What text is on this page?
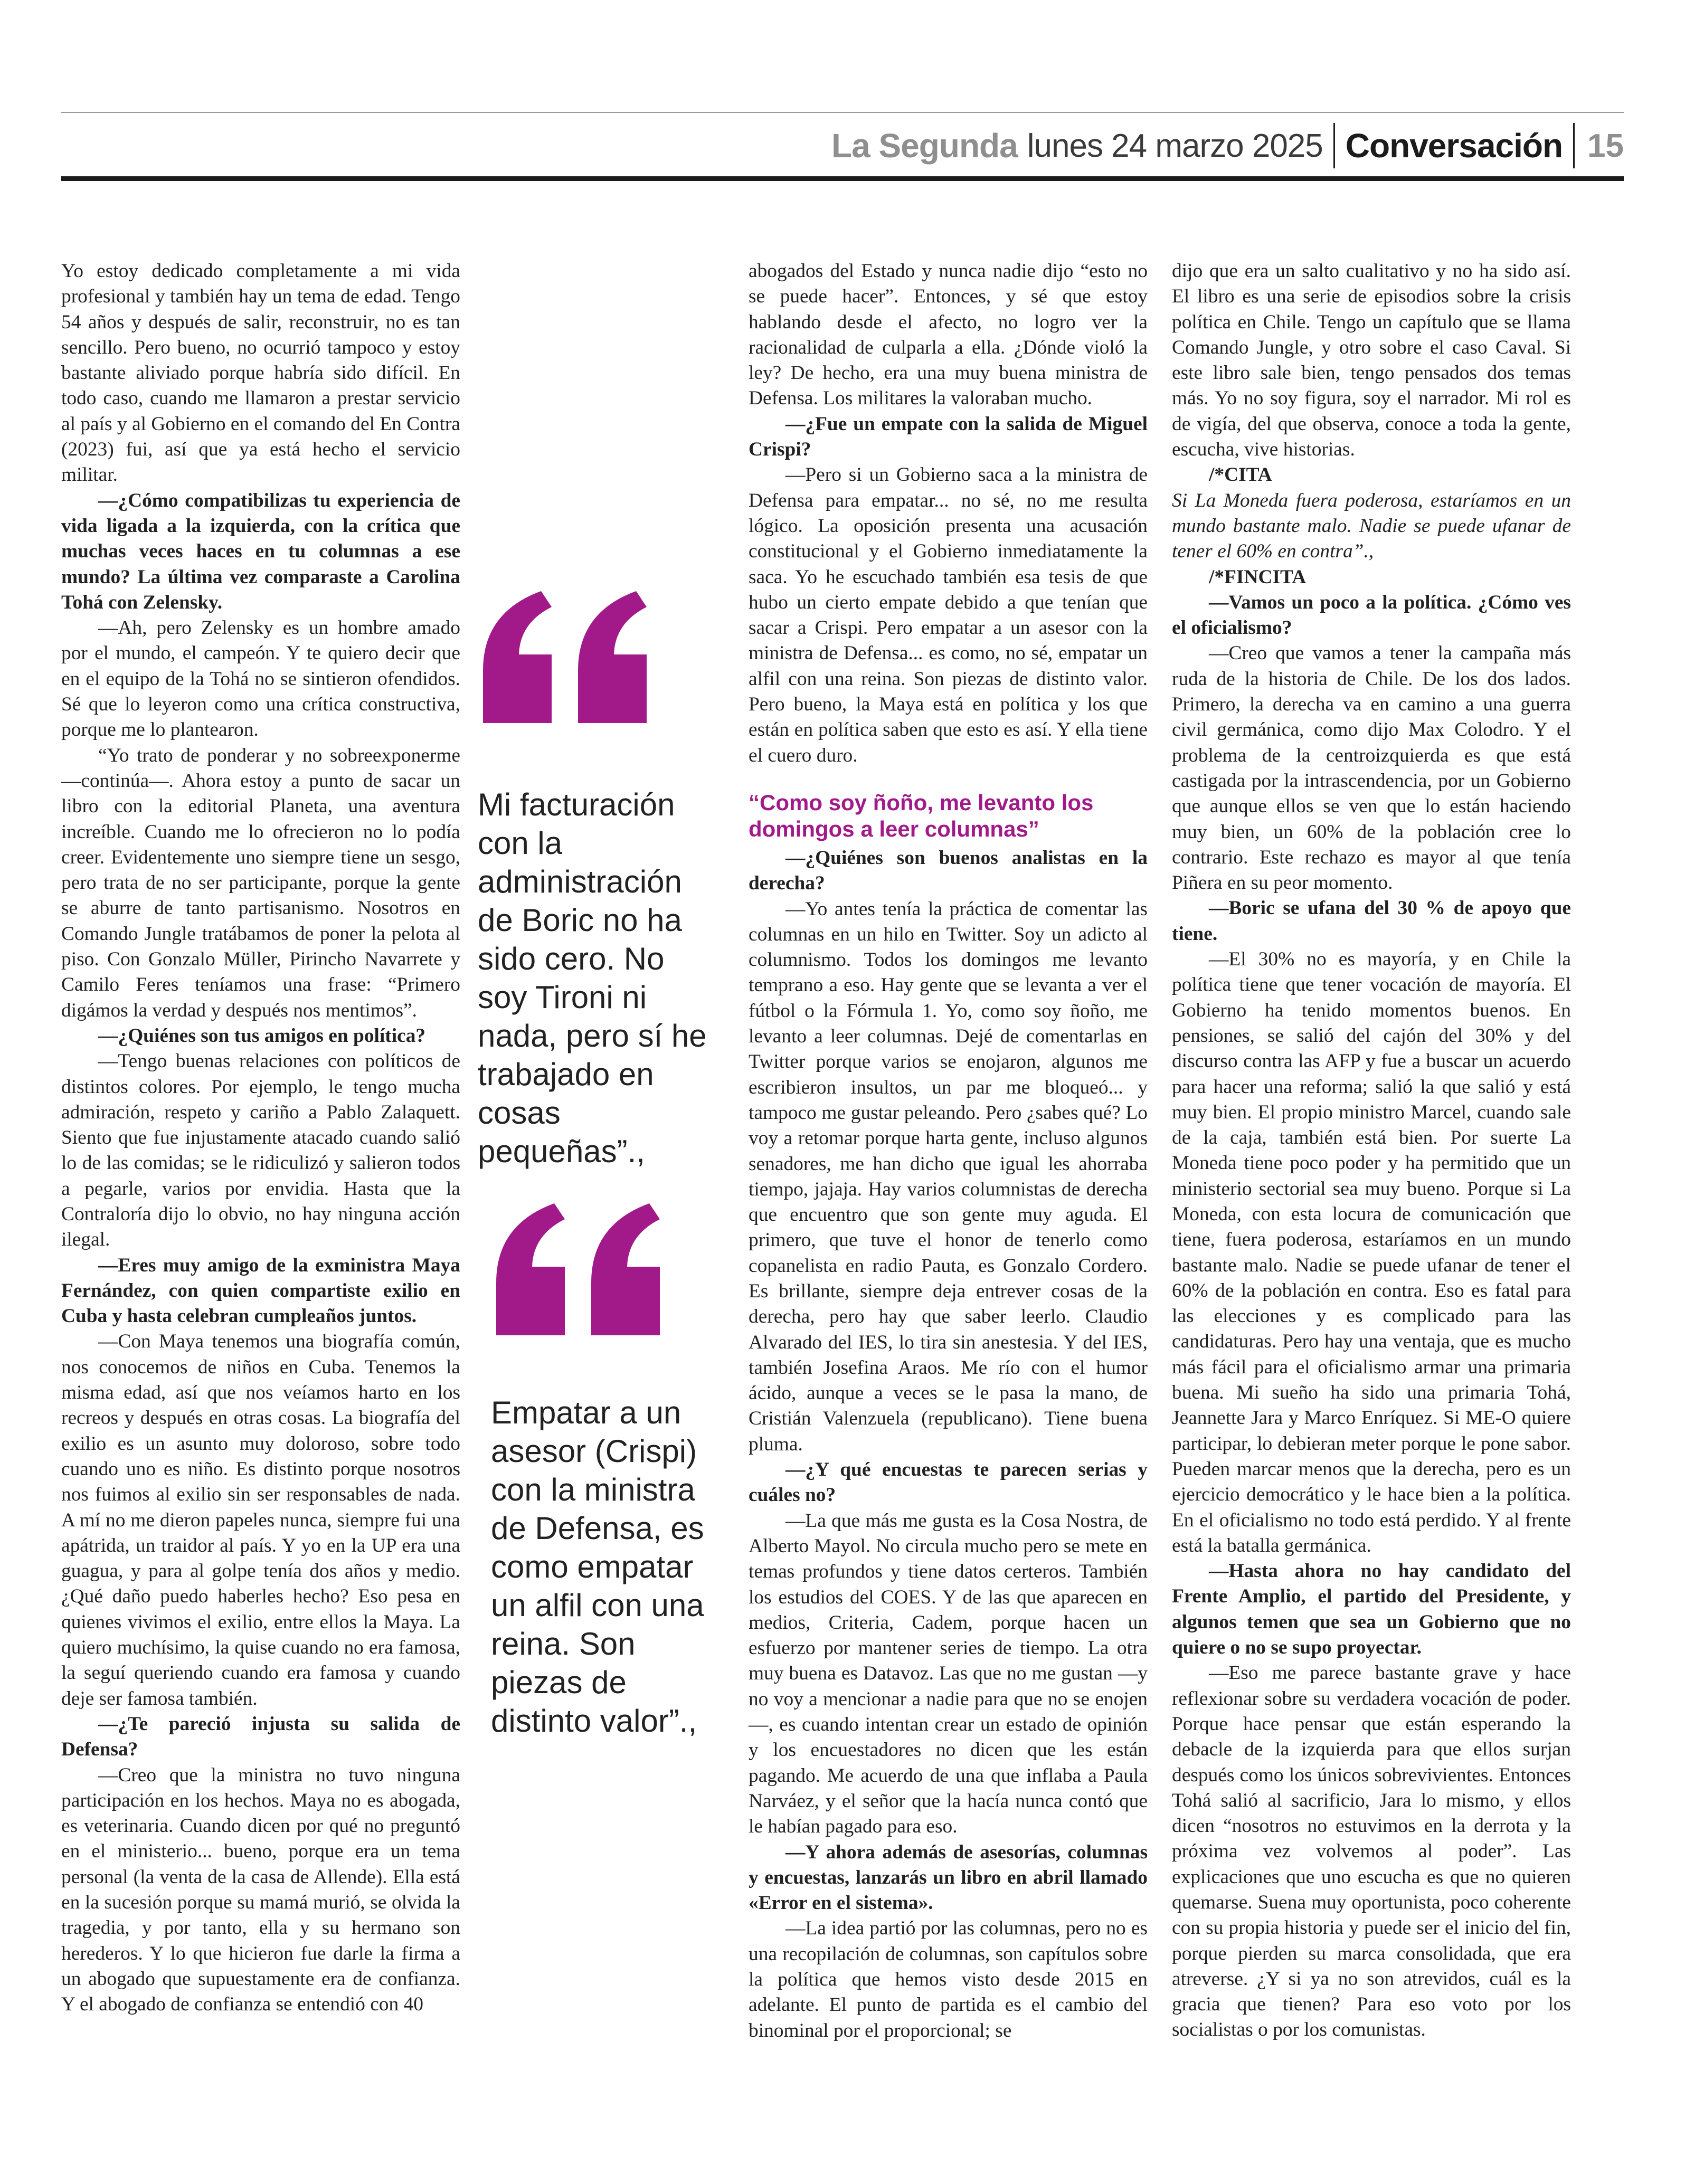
La Segunda lunes 24 marzo 2025 Conversación 15

Yo estoy dedicado completamente a mi vida profesional y también hay un tema de edad. Tengo 54 años y después de salir, reconstruir, no es tan sencillo. Pero bueno, no ocurrió tampoco y estoy bastante aliviado porque habría sido difícil. En todo caso, cuando me llamaron a prestar servicio al país y al Gobierno en el comando del En Contra (2023) fui, así que ya está hecho el servicio militar.

—¿Cómo compatibilizas tu experiencia de vida ligada a la izquierda, con la crítica que muchas veces haces en tu columnas a ese mundo? La última vez comparaste a Carolina Tohá con Zelensky.

—Ah, pero Zelensky es un hombre amado por el mundo, el campeón. Y te quiero decir que en el equipo de la Tohá no se sintieron ofendidos. Sé que lo leyeron como una crítica constructiva, porque me lo plantearon.

“Yo trato de ponderar y no sobreexponerme —continúa—. Ahora estoy a punto de sacar un libro con la editorial Planeta, una aventura increíble. Cuando me lo ofrecieron no lo podía creer. Evidentemente uno siempre tiene un sesgo, pero trata de no ser participante, porque la gente se aburre de tanto partisanismo. Nosotros en Comando Jungle tratábamos de poner la pelota al piso. Con Gonzalo Müller, Pirincho Navarrete y Camilo Feres teníamos una frase: “Primero digámos la verdad y después nos mentimos”.

—¿Quiénes son tus amigos en política?

—Tengo buenas relaciones con políticos de distintos colores. Por ejemplo, le tengo mucha admiración, respeto y cariño a Pablo Zalaquett. Siento que fue injustamente atacado cuando salió lo de las comidas; se le ridiculizó y salieron todos a pegarle, varios por envidia. Hasta que la Contraloría dijo lo obvio, no hay ninguna acción ilegal.

—Eres muy amigo de la exministra Maya Fernández, con quien compartiste exilio en Cuba y hasta celebran cumpleaños juntos.

—Con Maya tenemos una biografía común, nos conocemos de niños en Cuba. Tenemos la misma edad, así que nos veíamos harto en los recreos y después en otras cosas. La biografía del exilio es un asunto muy doloroso, sobre todo cuando uno es niño. Es distinto porque nosotros nos fuimos al exilio sin ser responsables de nada. A mí no me dieron papeles nunca, siempre fui una apátrida, un traidor al país. Y yo en la UP era una guagua, y para al golpe tenía dos años y medio. ¿Qué daño puedo haberles hecho? Eso pesa en quienes vivimos el exilio, entre ellos la Maya. La quiero muchísimo, la quise cuando no era famosa, la seguí queriendo cuando era famosa y cuando deje ser famosa también.

—¿Te pareció injusta su salida de Defensa?

—Creo que la ministra no tuvo ninguna participación en los hechos. Maya no es abogada, es veterinaria. Cuando dicen por qué no preguntó en el ministerio... bueno, porque era un tema personal (la venta de la casa de Allende). Ella está en la sucesión porque su mamá murió, se olvida la tragedia, y por tanto, ella y su hermano son herederos. Y lo que hicieron fue darle la firma a un abogado que supuestamente era de confianza. Y el abogado de confianza se entendió con 40

Mi facturación con la administración de Boric no ha sido cero. No soy Tironi ni nada, pero sí he trabajado en cosas pequeñas”.,
Empatar a un asesor (Crispi) con la ministra de Defensa, es como empatar un alfil con una reina. Son piezas de distinto valor”.,

abogados del Estado y nunca nadie dijo “esto no se puede hacer”. Entonces, y sé que estoy hablando desde el afecto, no logro ver la racionalidad de culparla a ella. ¿Dónde violó la ley? De hecho, era una muy buena ministra de Defensa. Los militares la valoraban mucho.

—¿Fue un empate con la salida de Miguel Crispi?

—Pero si un Gobierno saca a la ministra de Defensa para empatar... no sé, no me resulta lógico. La oposición presenta una acusación constitucional y el Gobierno inmediatamente la saca. Yo he escuchado también esa tesis de que hubo un cierto empate debido a que tenían que sacar a Crispi. Pero empatar a un asesor con la ministra de Defensa... es como, no sé, empatar un alfil con una reina. Son piezas de distinto valor. Pero bueno, la Maya está en política y los que están en política saben que esto es así. Y ella tiene el cuero duro.

“Como soy ñoño, me levanto los domingos a leer columnas”

—¿Quiénes son buenos analistas en la derecha?

—Yo antes tenía la práctica de comentar las columnas en un hilo en Twitter. Soy un adicto al columnismo. Todos los domingos me levanto temprano a eso. Hay gente que se levanta a ver el fútbol o la Fórmula 1. Yo, como soy ñoño, me levanto a leer columnas. Dejé de comentarlas en Twitter porque varios se enojaron, algunos me escribieron insultos, un par me bloqueó... y tampoco me gustar peleando. Pero ¿sabes qué? Lo voy a retomar porque harta gente, incluso algunos senadores, me han dicho que igual les ahorraba tiempo, jajaja. Hay varios columnistas de derecha que encuentro que son gente muy aguda. El primero, que tuve el honor de tenerlo como copanelista en radio Pauta, es Gonzalo Cordero. Es brillante, siempre deja entrever cosas de la derecha, pero hay que saber leerlo. Claudio Alvarado del IES, lo tira sin anestesia. Y del IES, también Josefina Araos. Me río con el humor ácido, aunque a veces se le pasa la mano, de Cristián Valenzuela (republicano). Tiene buena pluma.

—¿Y qué encuestas te parecen serias y cuáles no?

—La que más me gusta es la Cosa Nostra, de Alberto Mayol. No circula mucho pero se mete en temas profundos y tiene datos certeros. También los estudios del COES. Y de las que aparecen en medios, Criteria, Cadem, porque hacen un esfuerzo por mantener series de tiempo. La otra muy buena es Datavoz. Las que no me gustan —y no voy a mencionar a nadie para que no se enojen—, es cuando intentan crear un estado de opinión y los encuestadores no dicen que les están pagando. Me acuerdo de una que inflaba a Paula Narváez, y el señor que la hacía nunca contó que le habían pagado para eso.

—Y ahora además de asesorías, columnas y encuestas, lanzarás un libro en abril llamado «Error en el sistema».

—La idea partió por las columnas, pero no es una recopilación de columnas, son capítulos sobre la política que hemos visto desde 2015 en adelante. El punto de partida es el cambio del binominal por el proporcional; se

dijo que era un salto cualitativo y no ha sido así. El libro es una serie de episodios sobre la crisis política en Chile. Tengo un capítulo que se llama Comando Jungle, y otro sobre el caso Caval. Si este libro sale bien, tengo pensados dos temas más. Yo no soy figura, soy el narrador. Mi rol es de vigía, del que observa, conoce a toda la gente, escucha, vive historias.

/*CITA

Si La Moneda fuera poderosa, estaríamos en un mundo bastante malo. Nadie se puede ufanar de tener el 60% en contra”.,

/*FINCITA

—Vamos un poco a la política. ¿Cómo ves el oficialismo?

—Creo que vamos a tener la campaña más ruda de la historia de Chile. De los dos lados. Primero, la derecha va en camino a una guerra civil germánica, como dijo Max Colodro. Y el problema de la centroizquierda es que está castigada por la intrascendencia, por un Gobierno que aunque ellos se ven que lo están haciendo muy bien, un 60% de la población cree lo contrario. Este rechazo es mayor al que tenía Piñera en su peor momento.

—Boric se ufana del 30 % de apoyo que tiene.

—El 30% no es mayoría, y en Chile la política tiene que tener vocación de mayoría. El Gobierno ha tenido momentos buenos. En pensiones, se salió del cajón del 30% y del discurso contra las AFP y fue a buscar un acuerdo para hacer una reforma; salió la que salió y está muy bien. El propio ministro Marcel, cuando sale de la caja, también está bien. Por suerte La Moneda tiene poco poder y ha permitido que un ministerio sectorial sea muy bueno. Porque si La Moneda, con esta locura de comunicación que tiene, fuera poderosa, estaríamos en un mundo bastante malo. Nadie se puede ufanar de tener el 60% de la población en contra. Eso es fatal para las elecciones y es complicado para las candidaturas. Pero hay una ventaja, que es mucho más fácil para el oficialismo armar una primaria buena. Mi sueño ha sido una primaria Tohá, Jeannette Jara y Marco Enríquez. Si ME-O quiere participar, lo debieran meter porque le pone sabor. Pueden marcar menos que la derecha, pero es un ejercicio democrático y le hace bien a la política. En el oficialismo no todo está perdido. Y al frente está la batalla germánica.

—Hasta ahora no hay candidato del Frente Amplio, el partido del Presidente, y algunos temen que sea un Gobierno que no quiere o no se supo proyectar.

—Eso me parece bastante grave y hace reflexionar sobre su verdadera vocación de poder. Porque hace pensar que están esperando la debacle de la izquierda para que ellos surjan después como los únicos sobrevivientes. Entonces Tohá salió al sacrificio, Jara lo mismo, y ellos dicen “nosotros no estuvimos en la derrota y la próxima vez volvemos al poder”. Las explicaciones que uno escucha es que no quieren quemarse. Suena muy oportunista, poco coherente con su propia historia y puede ser el inicio del fin, porque pierden su marca consolidada, que era atreverse. ¿Y si ya no son atrevidos, cuál es la gracia que tienen? Para eso voto por los socialistas o por los comunistas.
